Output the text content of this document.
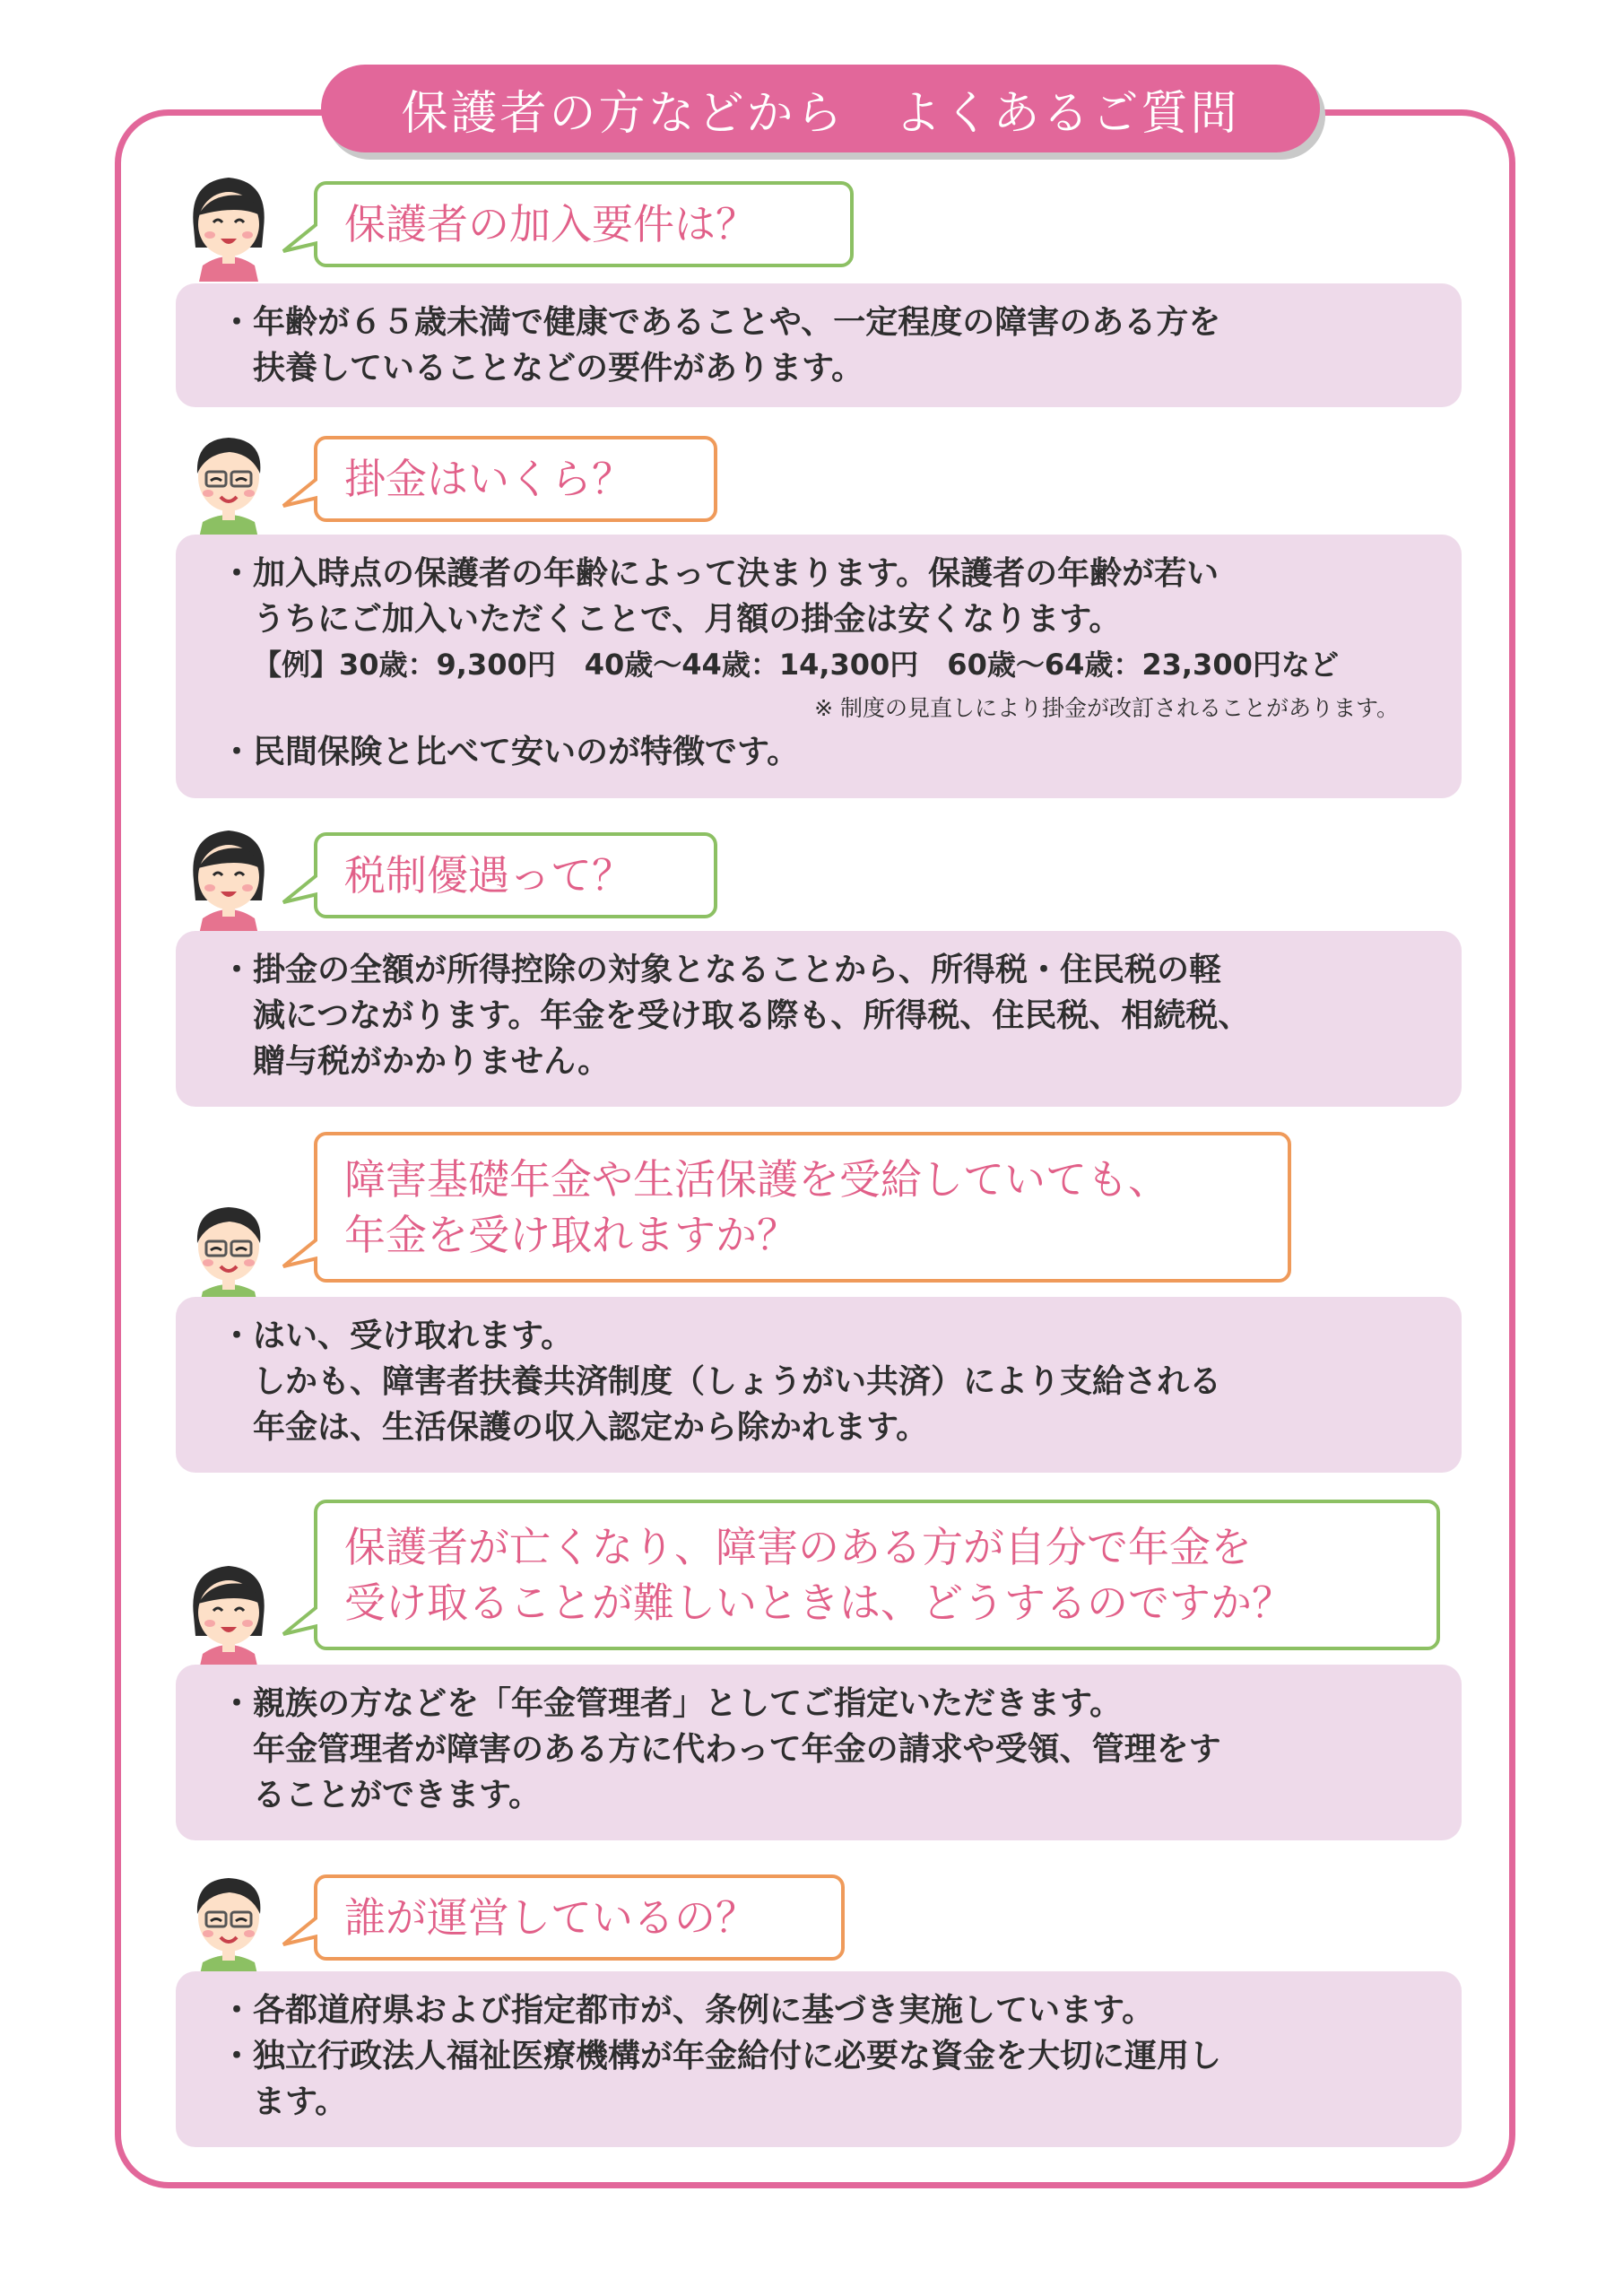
保護者の方などから　よくあるご質問
保護者の加入要件は？
・年齢が６５歳未満で健康であることや、一定程度の障害のある方を
扶養していることなどの要件があります。
掛金はいくら？
・加入時点の保護者の年齢によって決まります。保護者の年齢が若い
うちにご加入いただくことで、月額の掛金は安くなります。
【例】30歳：9,300円　40歳～44歳：14,300円　60歳～64歳：23,300円など
※ 制度の見直しにより掛金が改訂されることがあります。
・民間保険と比べて安いのが特徴です。
税制優遇って？
・掛金の全額が所得控除の対象となることから、所得税・住民税の軽
減につながります。年金を受け取る際も、所得税、住民税、相続税、
贈与税がかかりません。
障害基礎年金や生活保護を受給していても、
年金を受け取れますか？
・はい、受け取れます。
しかも、障害者扶養共済制度（しょうがい共済）により支給される
年金は、生活保護の収入認定から除かれます。
保護者が亡くなり、障害のある方が自分で年金を
受け取ることが難しいときは、どうするのですか？
・親族の方などを「年金管理者」としてご指定いただきます。
年金管理者が障害のある方に代わって年金の請求や受領、管理をす
ることができます。
誰が運営しているの？
・各都道府県および指定都市が、条例に基づき実施しています。
・独立行政法人福祉医療機構が年金給付に必要な資金を大切に運用し
ます。
